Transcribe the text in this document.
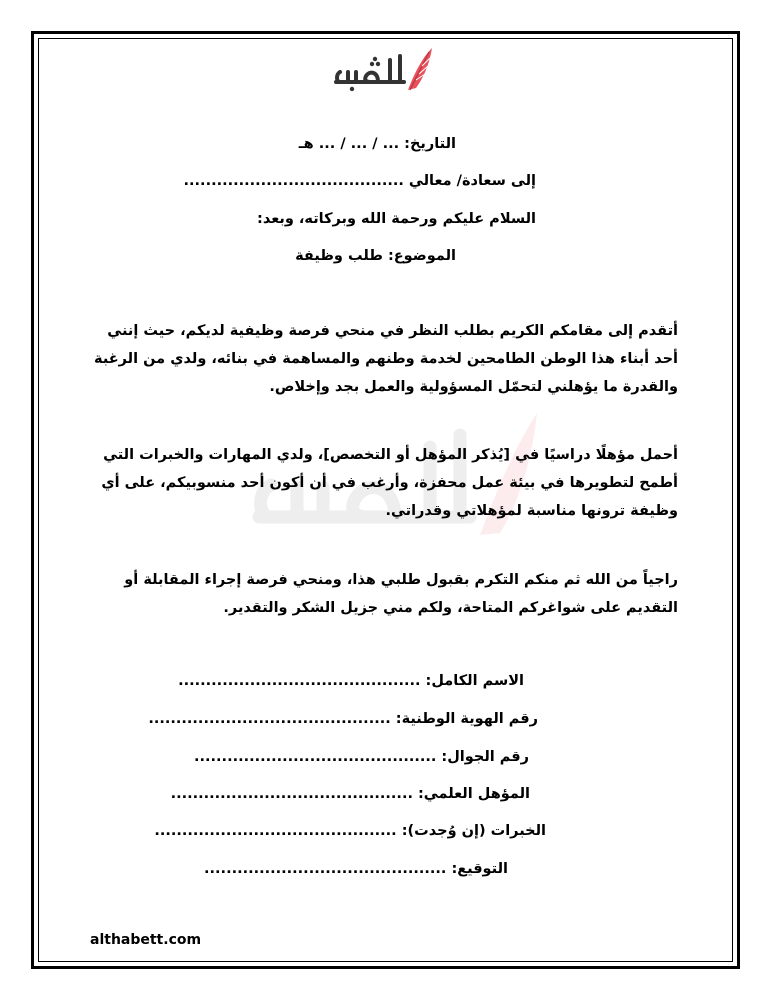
التاريخ: ... / ... / ... هـ
إلى سعادة/ معالي ........................................
السلام عليكم ورحمة الله وبركاته، وبعد:
الموضوع: طلب وظيفة
أتقدم إلى مقامكم الكريم بطلب النظر في منحي فرصة وظيفية لديكم، حيث إنني أحد أبناء هذا الوطن الطامحين لخدمة وطنهم والمساهمة في بنائه، ولدي من الرغبة والقدرة ما يؤهلني لتحمّل المسؤولية والعمل بجد وإخلاص.
أحمل مؤهلًا دراسيًا في [يُذكر المؤهل أو التخصص]، ولدي المهارات والخبرات التي أطمح لتطويرها في بيئة عمل محفزة، وأرغب في أن أكون أحد منسوبيكم، على أي وظيفة ترونها مناسبة لمؤهلاتي وقدراتي.
راجياً من الله ثم منكم التكرم بقبول طلبي هذا، ومنحي فرصة إجراء المقابلة أو التقديم على شواغركم المتاحة، ولكم مني جزيل الشكر والتقدير.
الاسم الكامل: ............................................
رقم الهوية الوطنية: ............................................
رقم الجوال: ............................................
المؤهل العلمي: ............................................
الخبرات (إن وُجدت): ............................................
التوقيع: ............................................
althabett.com
